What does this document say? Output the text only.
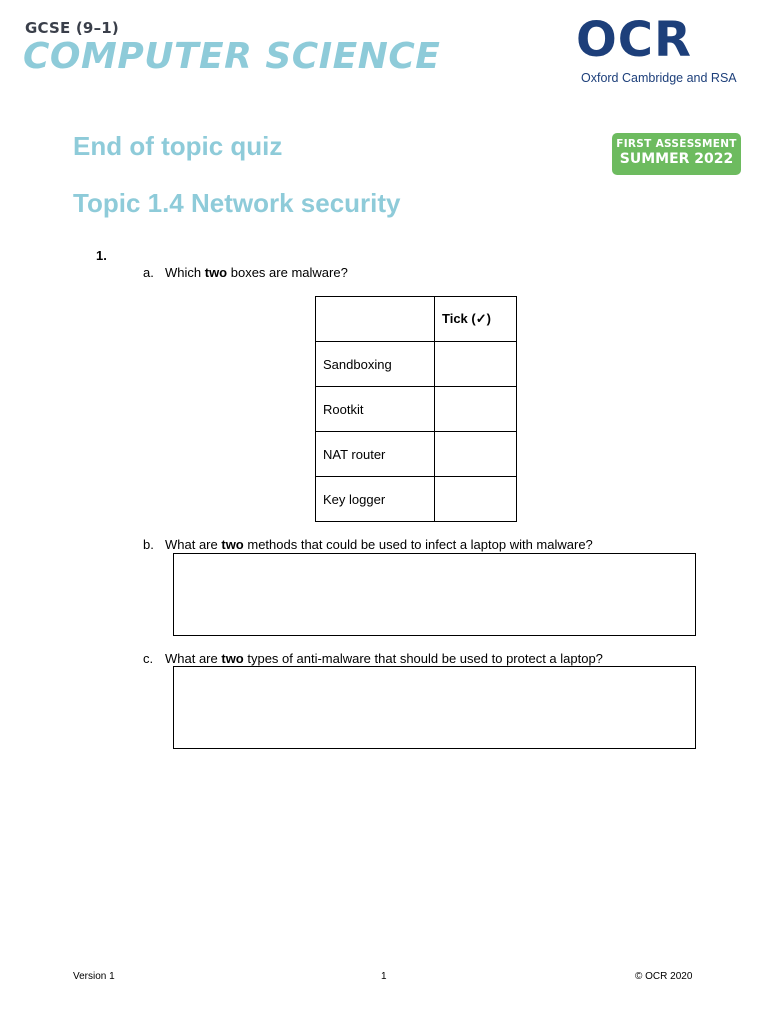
GCSE (9–1)
COMPUTER SCIENCE	OCR
Oxford Cambridge and RSA
FIRST ASSESSMENT
SUMMER 2022
End of topic quiz
Topic 1.4 Network security
1.
a. Which two boxes are malware?
	Tick (✓)
Sandboxing	
Rootkit	
NAT router	
Key logger	
b. What are two methods that could be used to infect a laptop with malware?
c. What are two types of anti-malware that should be used to protect a laptop?
Version 1	1	© OCR 2020
